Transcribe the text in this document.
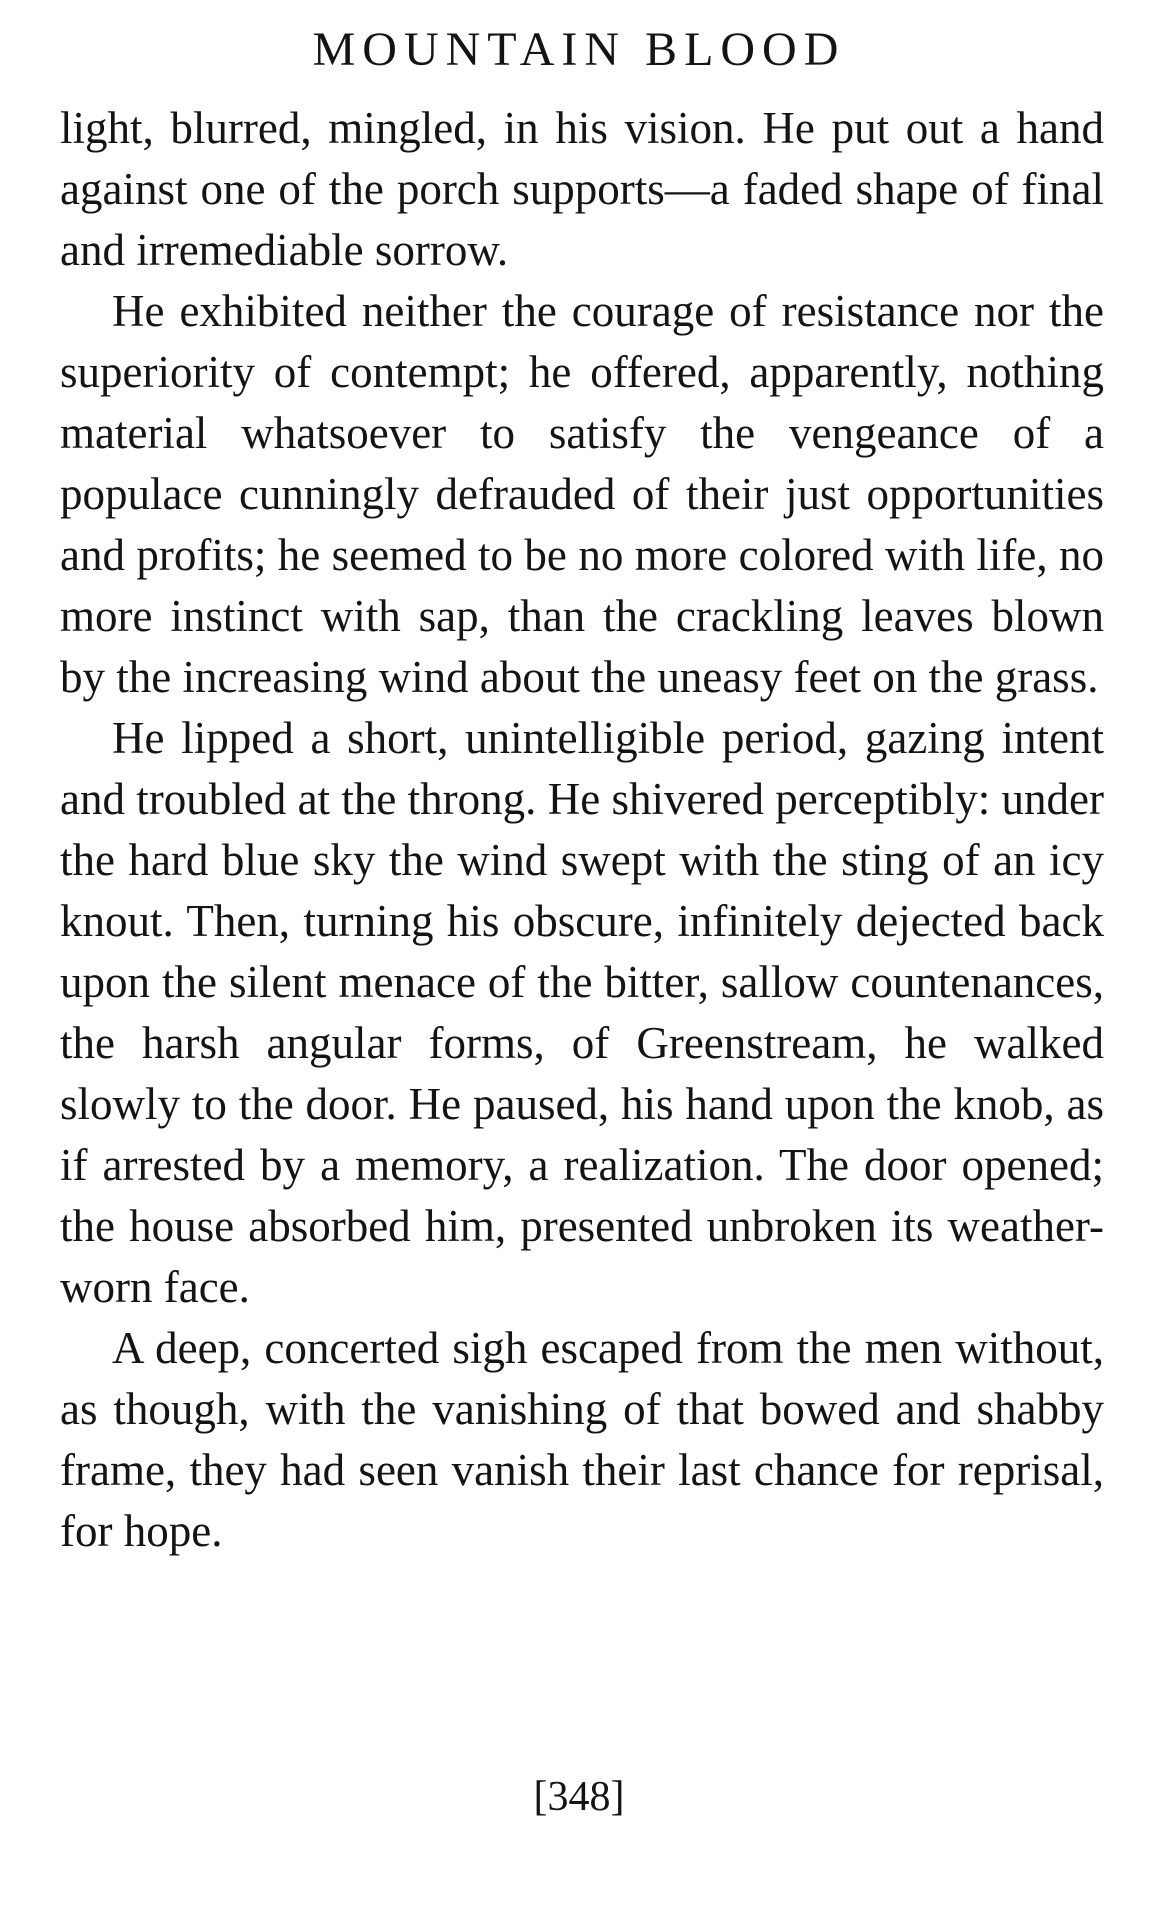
MOUNTAIN BLOOD

light, blurred, mingled, in his vision. He put out a hand against one of the porch supports—a faded shape of final and irremediable sorrow.

He exhibited neither the courage of resistance nor the superiority of contempt; he offered, apparently, nothing material whatsoever to satisfy the vengeance of a populace cunningly defrauded of their just opportunities and profits; he seemed to be no more colored with life, no more instinct with sap, than the crackling leaves blown by the increasing wind about the uneasy feet on the grass.

He lipped a short, unintelligible period, gazing intent and troubled at the throng. He shivered perceptibly: under the hard blue sky the wind swept with the sting of an icy knout. Then, turning his obscure, infinitely dejected back upon the silent menace of the bitter, sallow countenances, the harsh angular forms, of Greenstream, he walked slowly to the door. He paused, his hand upon the knob, as if arrested by a memory, a realization. The door opened; the house absorbed him, presented unbroken its weather-worn face.

A deep, concerted sigh escaped from the men without, as though, with the vanishing of that bowed and shabby frame, they had seen vanish their last chance for reprisal, for hope.

[348]
